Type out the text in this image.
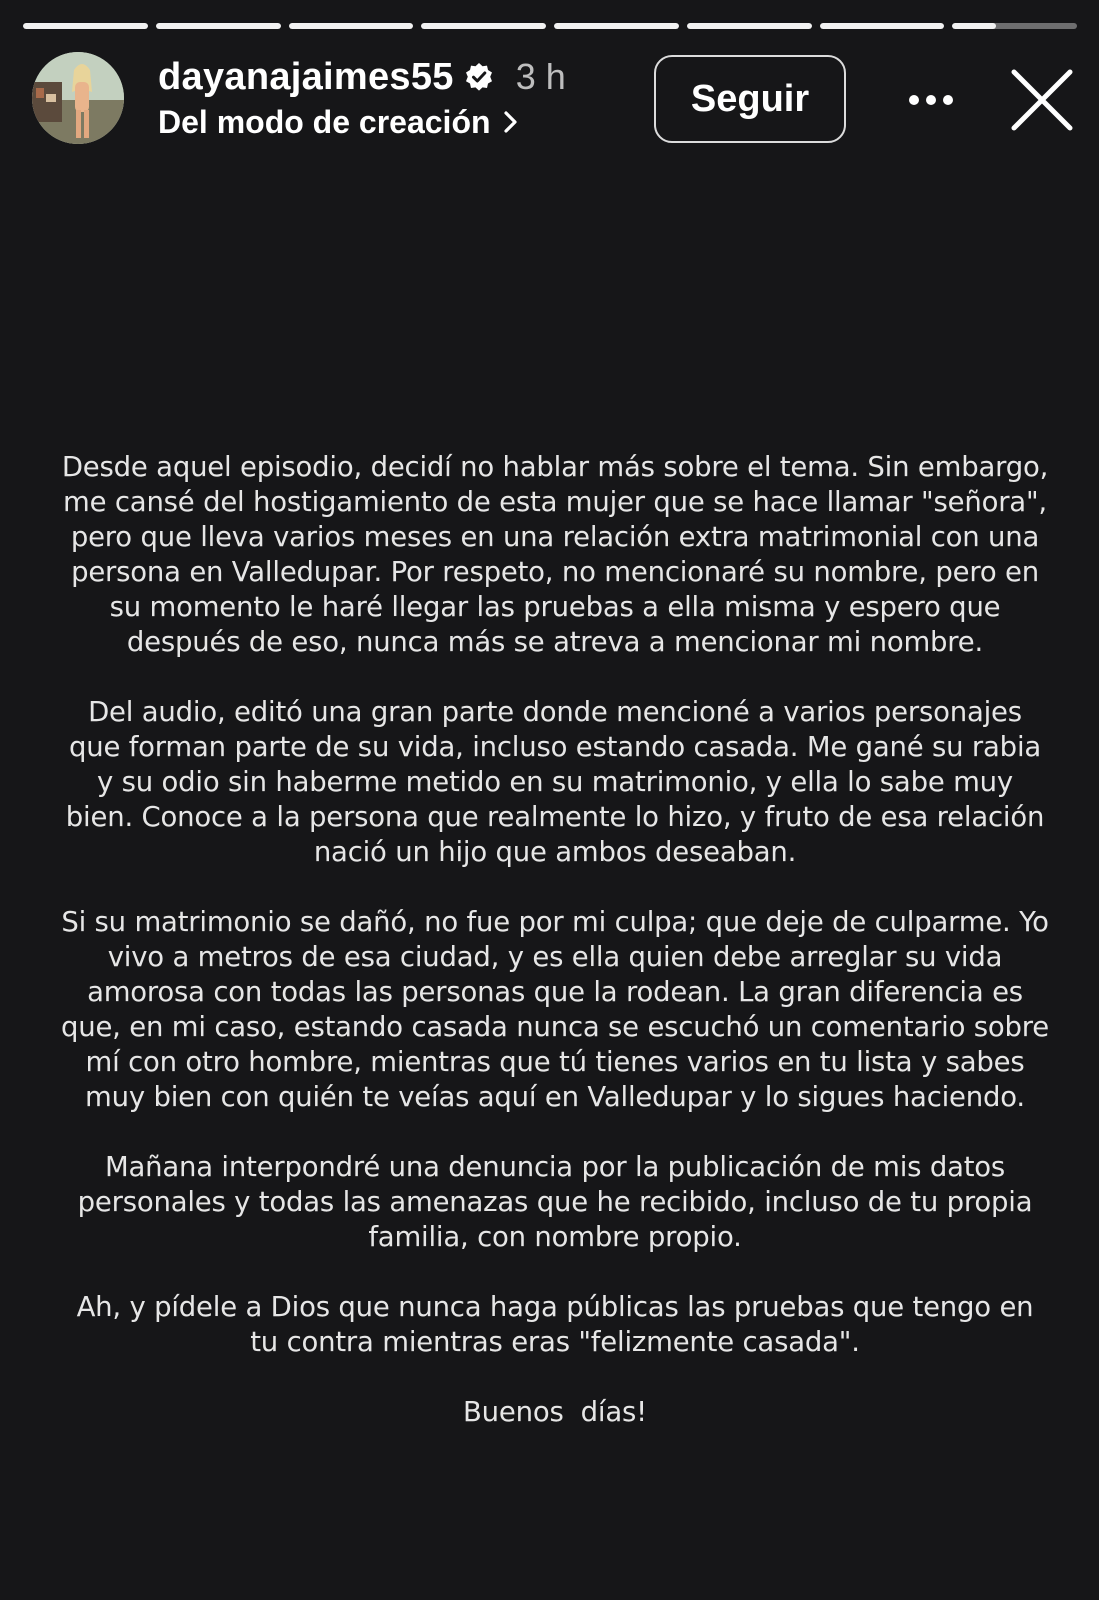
dayanajaimes55 3 h
Del modo de creación
Seguir

Desde aquel episodio, decidí no hablar más sobre el tema. Sin embargo, me cansé del hostigamiento de esta mujer que se hace llamar "señora", pero que lleva varios meses en una relación extra matrimonial con una persona en Valledupar. Por respeto, no mencionaré su nombre, pero en su momento le haré llegar las pruebas a ella misma y espero que después de eso, nunca más se atreva a mencionar mi nombre.

Del audio, editó una gran parte donde mencioné a varios personajes que forman parte de su vida, incluso estando casada. Me gané su rabia y su odio sin haberme metido en su matrimonio, y ella lo sabe muy bien. Conoce a la persona que realmente lo hizo, y fruto de esa relación nació un hijo que ambos deseaban.

Si su matrimonio se dañó, no fue por mi culpa; que deje de culparme. Yo vivo a metros de esa ciudad, y es ella quien debe arreglar su vida amorosa con todas las personas que la rodean. La gran diferencia es que, en mi caso, estando casada nunca se escuchó un comentario sobre mí con otro hombre, mientras que tú tienes varios en tu lista y sabes muy bien con quién te veías aquí en Valledupar y lo sigues haciendo.

Mañana interpondré una denuncia por la publicación de mis datos personales y todas las amenazas que he recibido, incluso de tu propia familia, con nombre propio.

Ah, y pídele a Dios que nunca haga públicas las pruebas que tengo en tu contra mientras eras "felizmente casada".

Buenos  días!
